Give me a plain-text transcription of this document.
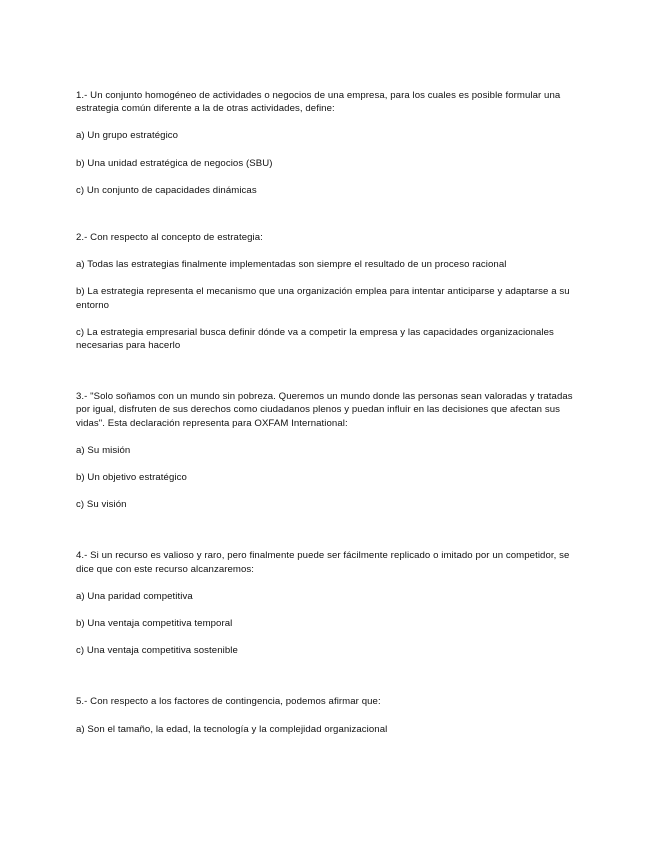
1.- Un conjunto homogéneo de actividades o negocios de una empresa, para los cuales es posible formular una estrategia común diferente a la de otras actividades, define:

a) Un grupo estratégico

b) Una unidad estratégica de negocios (SBU)

c) Un conjunto de capacidades dinámicas

2.- Con respecto al concepto de estrategia:

a) Todas las estrategias finalmente implementadas son siempre el resultado de un proceso racional

b) La estrategia representa el mecanismo que una organización emplea para intentar anticiparse y adaptarse a su entorno

c) La estrategia empresarial busca definir dónde va a competir la empresa y las capacidades organizacionales necesarias para hacerlo

3.- "Solo soñamos con un mundo sin pobreza. Queremos un mundo donde las personas sean valoradas y tratadas por igual, disfruten de sus derechos como ciudadanos plenos y puedan influir en las decisiones que afectan sus vidas". Esta declaración representa para OXFAM International:

a) Su misión

b) Un objetivo estratégico

c) Su visión

4.- Si un recurso es valioso y raro, pero finalmente puede ser fácilmente replicado o imitado por un competidor, se dice que con este recurso alcanzaremos:

a) Una paridad competitiva

b) Una ventaja competitiva temporal

c) Una ventaja competitiva sostenible

5.- Con respecto a los factores de contingencia, podemos afirmar que:

a) Son el tamaño, la edad, la tecnología y la complejidad organizacional
